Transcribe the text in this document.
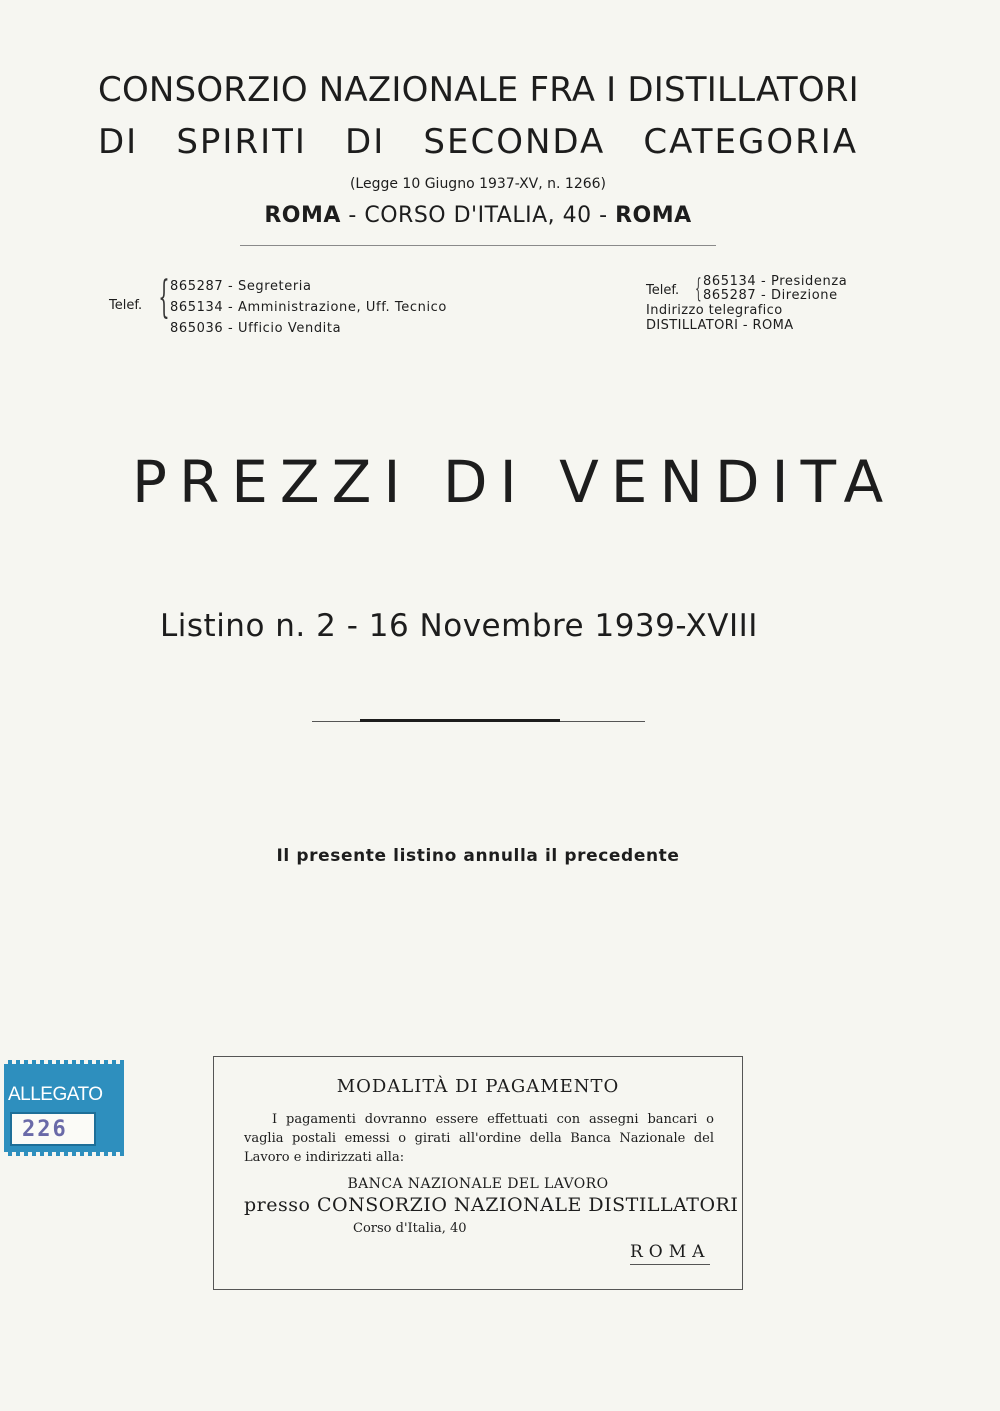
CONSORZIO NAZIONALE FRA I DISTILLATORI
DI SPIRITI DI SECONDA CATEGORIA
(Legge 10 Giugno 1937-XV, n. 1266)
ROMA - CORSO D'ITALIA, 40 - ROMA
Telef. { 865287 - Segreteria
865134 - Amministrazione, Uff. Tecnico
865036 - Ufficio Vendita
Telef. { 865134 - Presidenza
865287 - Direzione
Indirizzo telegrafico
DISTILLATORI - ROMA
PREZZI DI VENDITA
Listino n. 2 - 16 Novembre 1939-XVIII
Il presente listino annulla il precedente
MODALITÀ DI PAGAMENTO

I pagamenti dovranno essere effettuati con assegni bancari o vaglia postali emessi o girati all'ordine della Banca Nazionale del Lavoro e indirizzati alla:

BANCA NAZIONALE DEL LAVORO
presso CONSORZIO NAZIONALE DISTILLATORI
Corso d'Italia, 40
ROMA
ALLEGATO
226
